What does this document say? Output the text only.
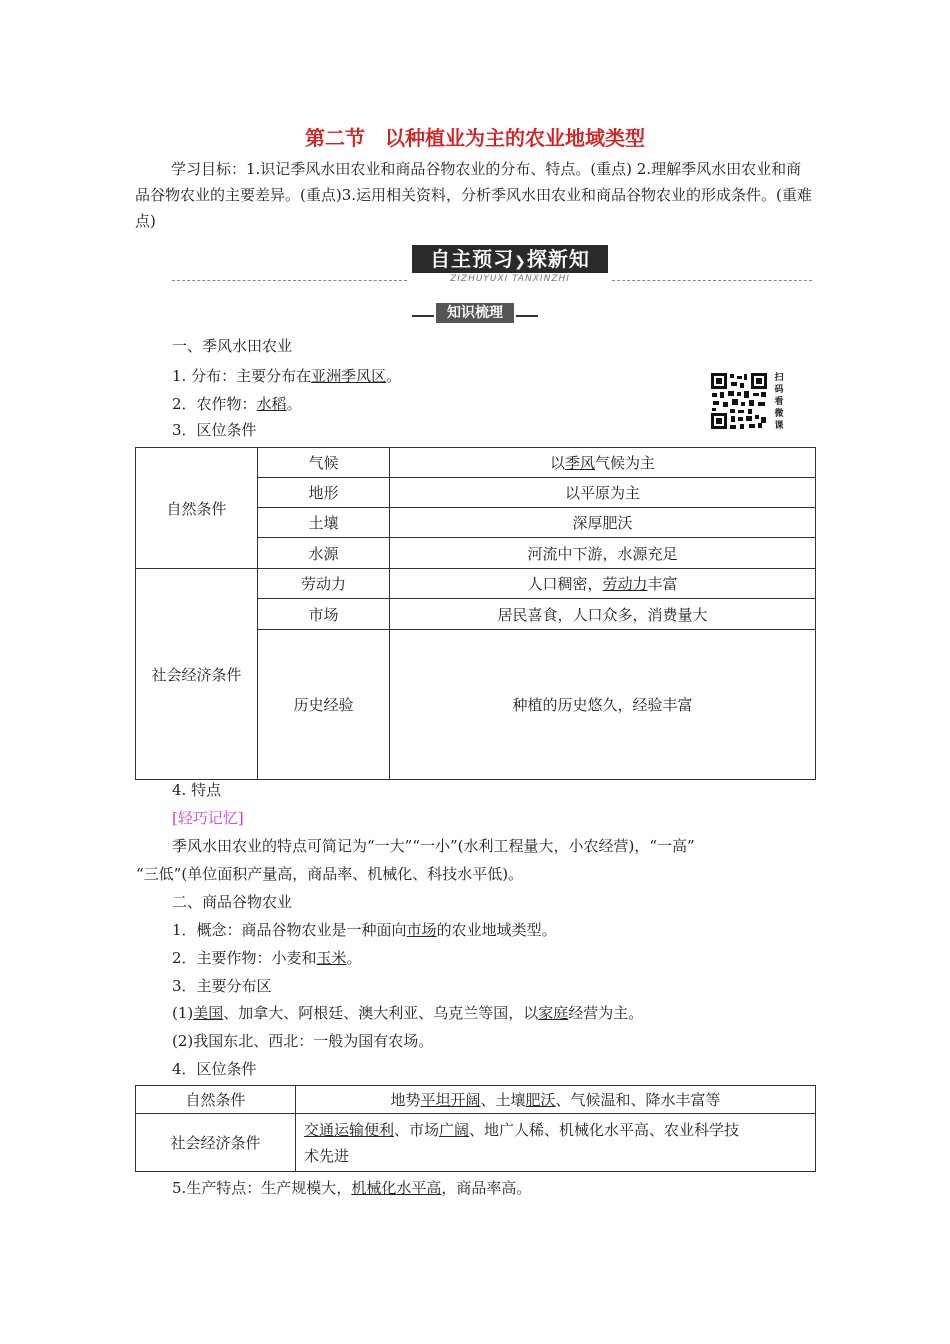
第二节　以种植业为主的农业地域类型
学习目标：1.识记季风水田农业和商品谷物农业的分布、特点。(重点) 2.理解季风水田农业和商品谷物农业的主要差异。(重点)3.运用相关资料，分析季风水田农业和商品谷物农业的形成条件。(重难点)
自主预习❯探新知
ZIZHUYUXI TANXINZHI
知识梳理
一、季风水田农业
1. 分布：主要分布在亚洲季风区。
2．农作物：水稻。
3．区位条件
扫码看微课
自然条件	气候	以季风气候为主
	地形	以平原为主
	土壤	深厚肥沃
	水源	河流中下游，水源充足
社会经济条件	劳动力	人口稠密，劳动力丰富
	市场	居民喜食，人口众多，消费量大
	历史经验	种植的历史悠久，经验丰富
4. 特点
[轻巧记忆]
季风水田农业的特点可简记为“一大”“一小”(水利工程量大，小农经营)，“一高”
“三低”(单位面积产量高，商品率、机械化、科技水平低)。
二、商品谷物农业
1．概念：商品谷物农业是一种面向市场的农业地域类型。
2．主要作物：小麦和玉米。
3．主要分布区
(1)美国、加拿大、阿根廷、澳大利亚、乌克兰等国，以家庭经营为主。
(2)我国东北、西北：一般为国有农场。
4．区位条件
自然条件	地势平坦开阔、土壤肥沃、气候温和、降水丰富等
社会经济条件	交通运输便利、市场广阔、地广人稀、机械化水平高、农业科学技
术先进
5.生产特点：生产规模大，机械化水平高，商品率高。
